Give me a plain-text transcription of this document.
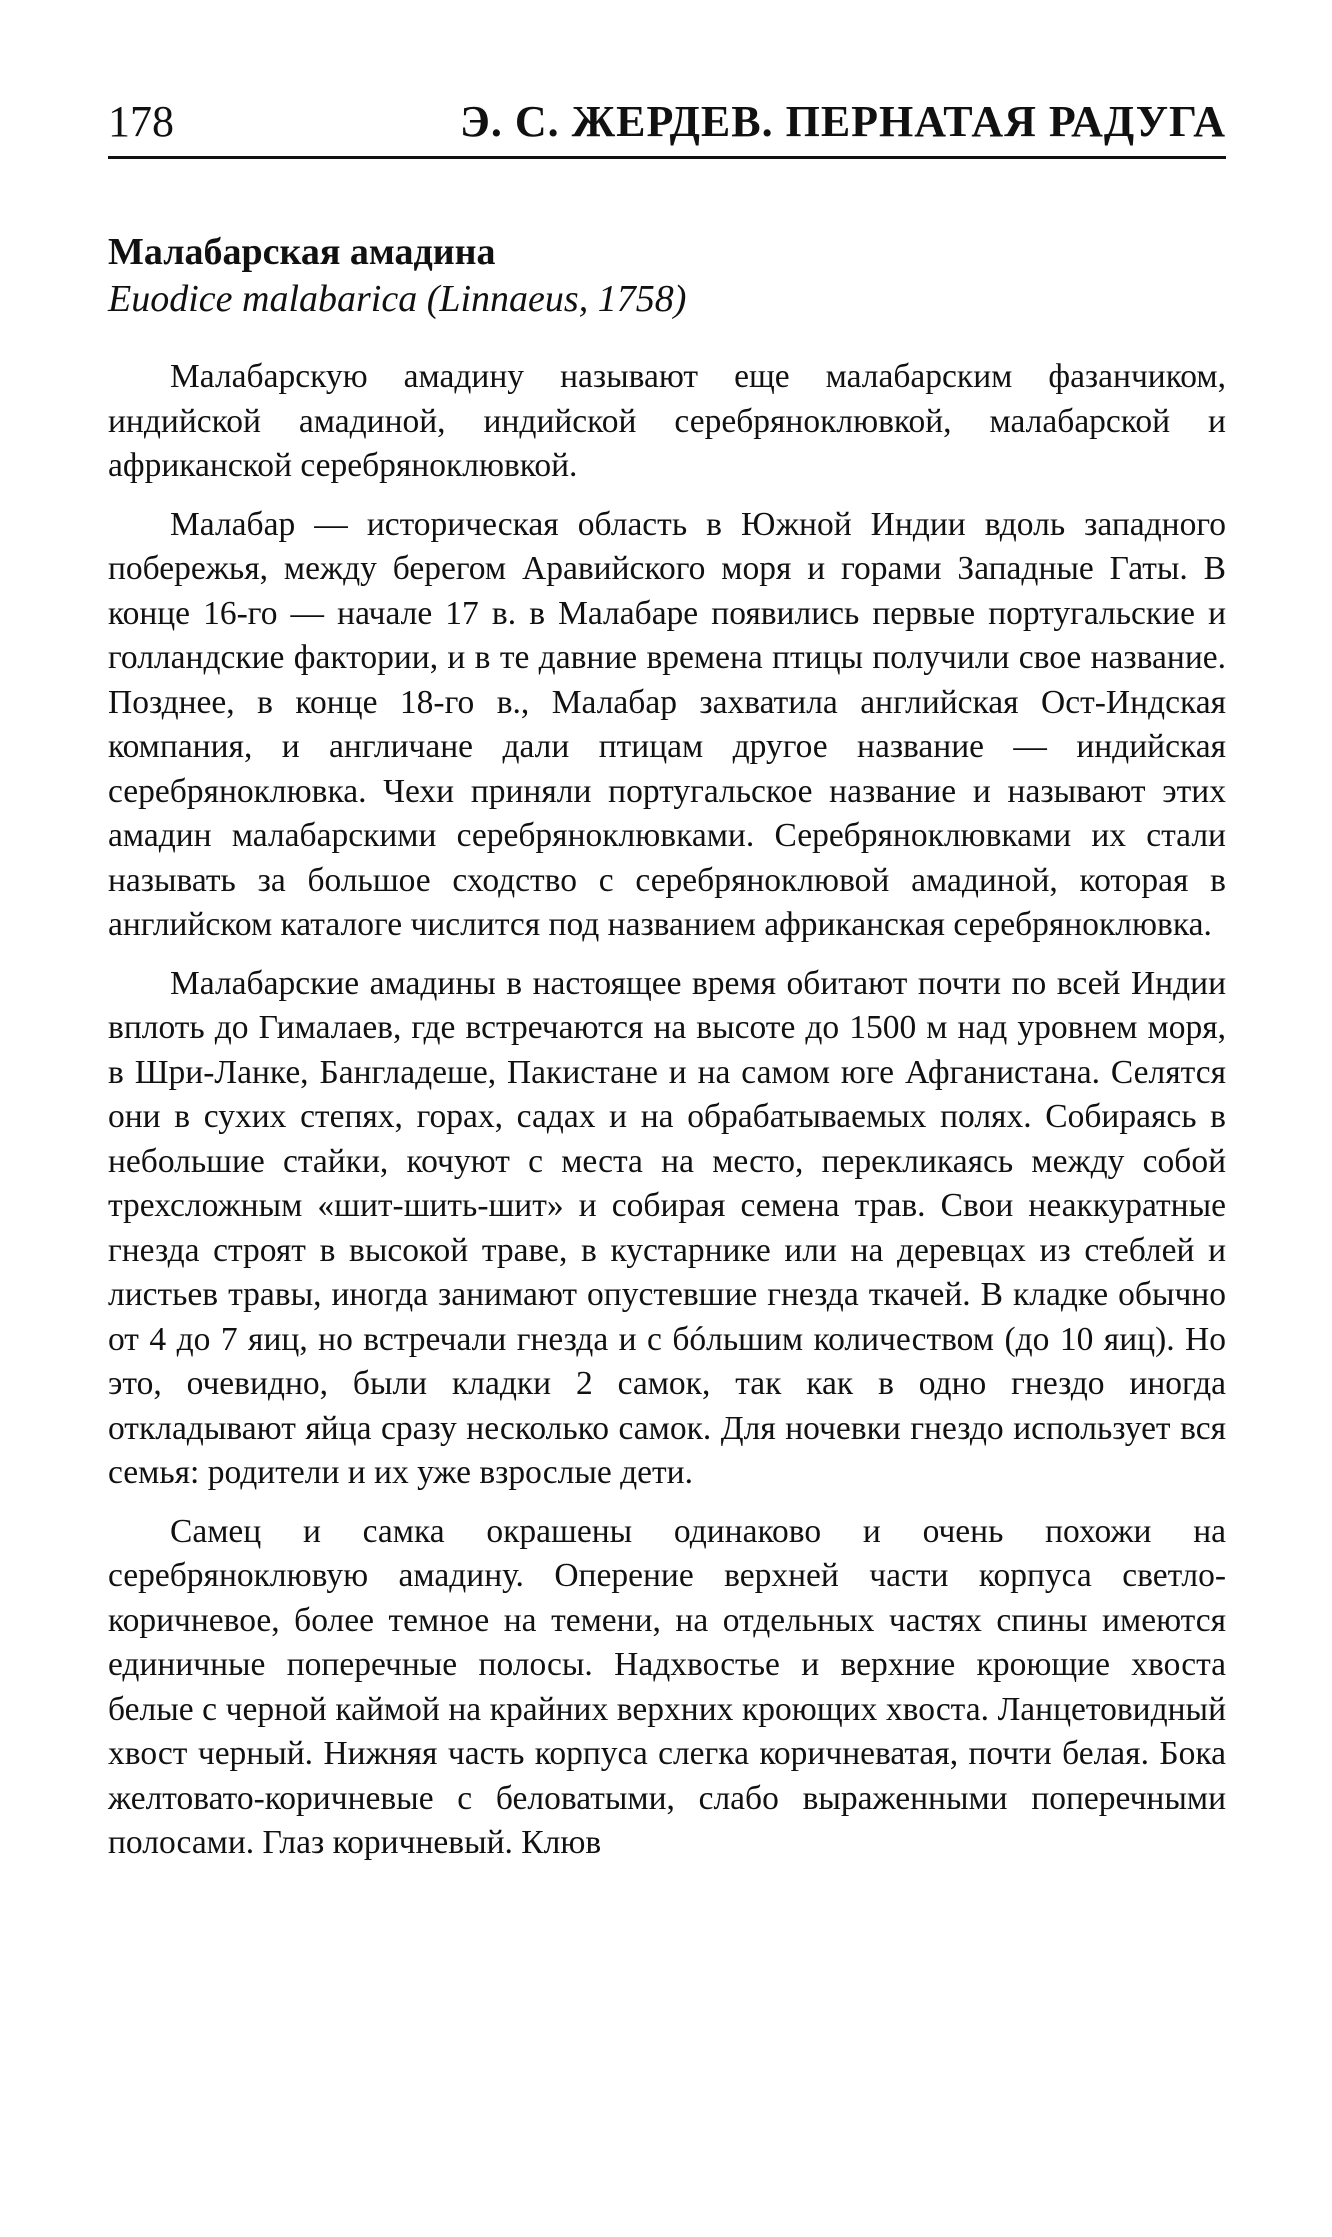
178	Э. С. ЖЕРДЕВ. ПЕРНАТАЯ РАДУГА
Малабарская амадина
Euodice malabarica (Linnaeus, 1758)

Малабарскую амадину называют еще малабарским фазанчиком, индийской амадиной, индийской серебряноклювкой, малабарской и африканской серебряноклювкой.

Малабар — историческая область в Южной Индии вдоль западного побережья, между берегом Аравийского моря и горами Западные Гаты. В конце 16-го — начале 17 в. в Малабаре появились первые португальские и голландские фактории, и в те давние времена птицы получили свое название. Позднее, в конце 18-го в., Малабар захватила английская Ост-Индская компания, и англичане дали птицам другое название — индийская серебряноклювка. Чехи приняли португальское название и называют этих амадин малабарскими серебряноклювками. Серебряноклювками их стали называть за большое сходство с серебряноклювой амадиной, которая в английском каталоге числится под названием африканская серебряноклювка.

Малабарские амадины в настоящее время обитают почти по всей Индии вплоть до Гималаев, где встречаются на высоте до 1500 м над уровнем моря, в Шри-Ланке, Бангладеше, Пакистане и на самом юге Афганистана. Селятся они в сухих степях, горах, садах и на обрабатываемых полях. Собираясь в небольшие стайки, кочуют с места на место, перекликаясь между собой трехсложным «шит-шить-шит» и собирая семена трав. Свои неаккуратные гнезда строят в высокой траве, в кустарнике или на деревцах из стеблей и листьев травы, иногда занимают опустевшие гнезда ткачей. В кладке обычно от 4 до 7 яиц, но встречали гнезда и с бóльшим количеством (до 10 яиц). Но это, очевидно, были кладки 2 самок, так как в одно гнездо иногда откладывают яйца сразу несколько самок. Для ночевки гнездо использует вся семья: родители и их уже взрослые дети.

Самец и самка окрашены одинаково и очень похожи на серебряноклювую амадину. Оперение верхней части корпуса светло-коричневое, более темное на темени, на отдельных частях спины имеются единичные поперечные полосы. Надхвостье и верхние кроющие хвоста белые с черной каймой на крайних верхних кроющих хвоста. Ланцетовидный хвост черный. Нижняя часть корпуса слегка коричневатая, почти белая. Бока желтовато-коричневые с беловатыми, слабо выраженными поперечными полосами. Глаз коричневый. Клюв
